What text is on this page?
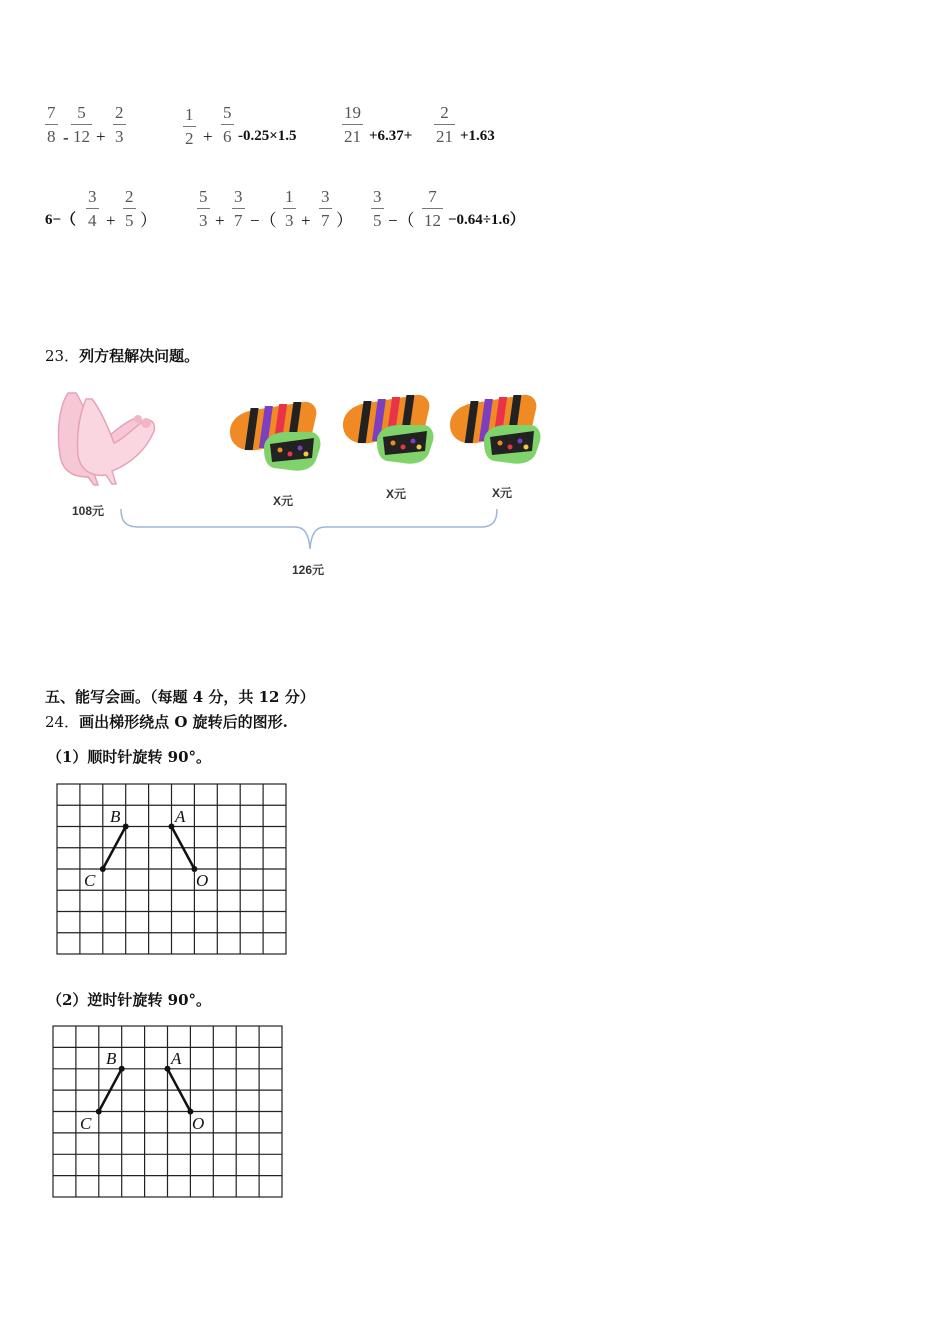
7
8 -
5
12 +
2
3
1
2 +
5
6 -0.25×1.5
19
21 +6.37+
2
21 +1.63
6−（
3
4 +
2
5 ）
5
3 +
3
7 −（
1
3 +
3
7 ）
3
5 −（
7
12 −0.64÷1.6）
23．列方程解决问题。
108元
X元	X元	X元
126元
五、能写会画。（每题 4 分，共 12 分）
24．画出梯形绕点 O 旋转后的图形.
（1）顺时针旋转 90°。
B	A
C	O
（2）逆时针旋转 90°。
B	A
C	O
